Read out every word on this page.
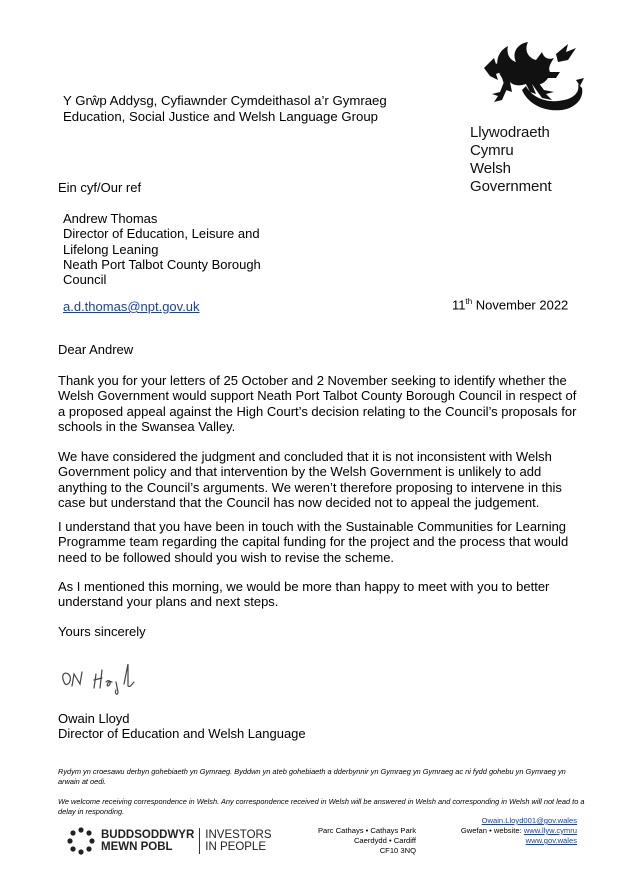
Y Grŵp Addysg, Cyfiawnder Cymdeithasol a’r Gymraeg
Education, Social Justice and Welsh Language Group
Llywodraeth Cymru
Welsh Government
Ein cyf/Our ref
Andrew Thomas
Director of Education, Leisure and
Lifelong Leaning
Neath Port Talbot County Borough
Council
a.d.thomas@npt.gov.uk	11th November 2022
Dear Andrew
Thank you for your letters of 25 October and 2 November seeking to identify whether the Welsh Government would support Neath Port Talbot County Borough Council in respect of a proposed appeal against the High Court’s decision relating to the Council’s proposals for schools in the Swansea Valley.
We have considered the judgment and concluded that it is not inconsistent with Welsh Government policy and that intervention by the Welsh Government is unlikely to add anything to the Council’s arguments. We weren’t therefore proposing to intervene in this case but understand that the Council has now decided not to appeal the judgement.
I understand that you have been in touch with the Sustainable Communities for Learning Programme team regarding the capital funding for the project and the process that would need to be followed should you wish to revise the scheme.
As I mentioned this morning, we would be more than happy to meet with you to better understand your plans and next steps.
Yours sincerely
Owain Lloyd
Director of Education and Welsh Language
Rydym yn croesawu derbyn gohebiaeth yn Gymraeg. Byddwn yn ateb gohebiaeth a dderbynnir yn Gymraeg yn Gymraeg ac ni fydd gohebu yn Gymraeg yn arwain at oedi.
We welcome receiving correspondence in Welsh. Any correspondence received in Welsh will be answered in Welsh and corresponding in Welsh will not lead to a delay in responding.
BUDDSODDWYR
MEWN POBL
INVESTORS
IN PEOPLE
Parc Cathays • Cathays Park
Caerdydd • Cardiff
CF10 3NQ
Owain.Lloyd001@gov.wales
Gwefan • website: www.llyw.cymru
www.gov.wales
